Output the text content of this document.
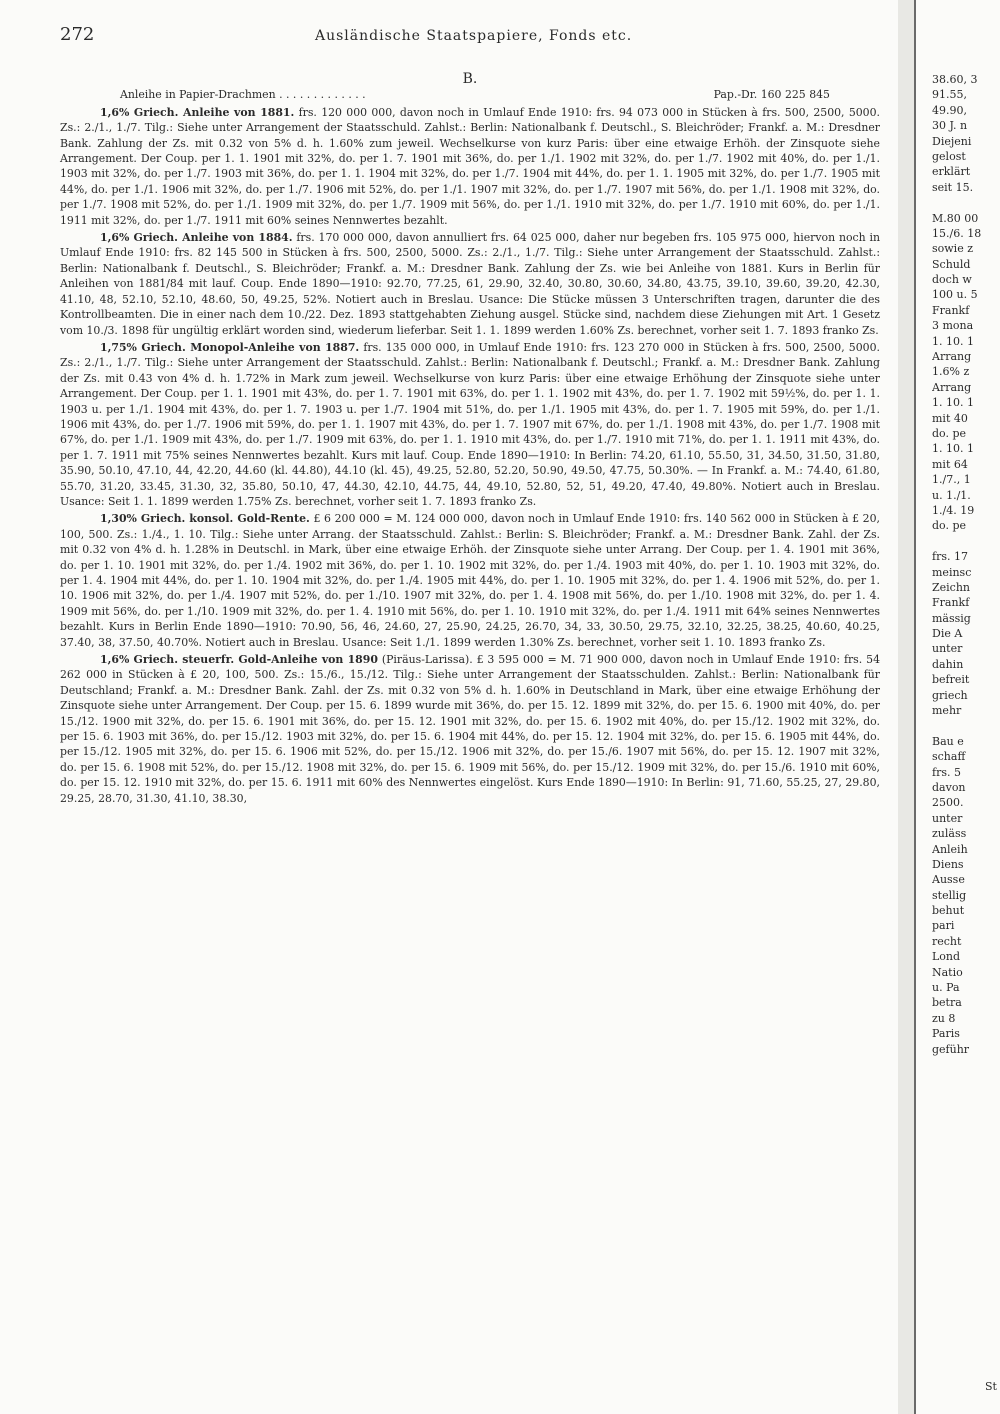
272	Ausländische Staatspapiere, Fonds etc.
B.
Anleihe in Papier-Drachmen . . . . . . . . . . . . .	Pap.-Dr. 160 225 845

1,6% Griech. Anleihe von 1881. frs. 120 000 000, davon noch in Umlauf Ende 1910: frs. 94 073 000 in Stücken à frs. 500, 2500, 5000. Zs.: 2./1., 1./7. Tilg.: Siehe unter Arrangement der Staatsschuld. Zahlst.: Berlin: Nationalbank f. Deutschl., S. Bleichröder; Frankf. a. M.: Dresdner Bank. Zahlung der Zs. mit 0.32 von 5% d. h. 1.60% zum jeweil. Wechselkurse von kurz Paris: über eine etwaige Erhöh. der Zinsquote siehe Arrangement. Der Coup. per 1. 1. 1901 mit 32%, do. per 1. 7. 1901 mit 36%, do. per 1./1. 1902 mit 32%, do. per 1./7. 1902 mit 40%, do. per 1./1. 1903 mit 32%, do. per 1./7. 1903 mit 36%, do. per 1. 1. 1904 mit 32%, do. per 1./7. 1904 mit 44%, do. per 1. 1. 1905 mit 32%, do. per 1./7. 1905 mit 44%, do. per 1./1. 1906 mit 32%, do. per 1./7. 1906 mit 52%, do. per 1./1. 1907 mit 32%, do. per 1./7. 1907 mit 56%, do. per 1./1. 1908 mit 32%, do. per 1./7. 1908 mit 52%, do. per 1./1. 1909 mit 32%, do. per 1./7. 1909 mit 56%, do. per 1./1. 1910 mit 32%, do. per 1./7. 1910 mit 60%, do. per 1./1. 1911 mit 32%, do. per 1./7. 1911 mit 60% seines Nennwertes bezahlt.

1,6% Griech. Anleihe von 1884. frs. 170 000 000, davon annulliert frs. 64 025 000, daher nur begeben frs. 105 975 000, hiervon noch in Umlauf Ende 1910: frs. 82 145 500 in Stücken à frs. 500, 2500, 5000. Zs.: 2./1., 1./7. Tilg.: Siehe unter Arrangement der Staatsschuld. Zahlst.: Berlin: Nationalbank f. Deutschl., S. Bleichröder; Frankf. a. M.: Dresdner Bank. Zahlung der Zs. wie bei Anleihe von 1881. Kurs in Berlin für Anleihen von 1881/84 mit lauf. Coup. Ende 1890—1910: 92.70, 77.25, 61, 29.90, 32.40, 30.80, 30.60, 34.80, 43.75, 39.10, 39.60, 39.20, 42.30, 41.10, 48, 52.10, 52.10, 48.60, 50, 49.25, 52%. Notiert auch in Breslau. Usance: Die Stücke müssen 3 Unterschriften tragen, darunter die des Kontrollbeamten. Die in einer nach dem 10./22. Dez. 1893 stattgehabten Ziehung ausgel. Stücke sind, nachdem diese Ziehungen mit Art. 1 Gesetz vom 10./3. 1898 für ungültig erklärt worden sind, wiederum lieferbar. Seit 1. 1. 1899 werden 1.60% Zs. berechnet, vorher seit 1. 7. 1893 franko Zs.

1,75% Griech. Monopol-Anleihe von 1887. frs. 135 000 000, in Umlauf Ende 1910: frs. 123 270 000 in Stücken à frs. 500, 2500, 5000. Zs.: 2./1., 1./7. Tilg.: Siehe unter Arrangement der Staatsschuld. Zahlst.: Berlin: Nationalbank f. Deutschl.; Frankf. a. M.: Dresdner Bank. Zahlung der Zs. mit 0.43 von 4% d. h. 1.72% in Mark zum jeweil. Wechselkurse von kurz Paris: über eine etwaige Erhöhung der Zinsquote siehe unter Arrangement. Der Coup. per 1. 1. 1901 mit 43%, do. per 1. 7. 1901 mit 63%, do. per 1. 1. 1902 mit 43%, do. per 1. 7. 1902 mit 59½%, do. per 1. 1. 1903 u. per 1./1. 1904 mit 43%, do. per 1. 7. 1903 u. per 1./7. 1904 mit 51%, do. per 1./1. 1905 mit 43%, do. per 1. 7. 1905 mit 59%, do. per 1./1. 1906 mit 43%, do. per 1./7. 1906 mit 59%, do. per 1. 1. 1907 mit 43%, do. per 1. 7. 1907 mit 67%, do. per 1./1. 1908 mit 43%, do. per 1./7. 1908 mit 67%, do. per 1./1. 1909 mit 43%, do. per 1./7. 1909 mit 63%, do. per 1. 1. 1910 mit 43%, do. per 1./7. 1910 mit 71%, do. per 1. 1. 1911 mit 43%, do. per 1. 7. 1911 mit 75% seines Nennwertes bezahlt. Kurs mit lauf. Coup. Ende 1890—1910: In Berlin: 74.20, 61.10, 55.50, 31, 34.50, 31.50, 31.80, 35.90, 50.10, 47.10, 44, 42.20, 44.60 (kl. 44.80), 44.10 (kl. 45), 49.25, 52.80, 52.20, 50.90, 49.50, 47.75, 50.30%. — In Frankf. a. M.: 74.40, 61.80, 55.70, 31.20, 33.45, 31.30, 32, 35.80, 50.10, 47, 44.30, 42.10, 44.75, 44, 49.10, 52.80, 52, 51, 49.20, 47.40, 49.80%. Notiert auch in Breslau. Usance: Seit 1. 1. 1899 werden 1.75% Zs. berechnet, vorher seit 1. 7. 1893 franko Zs.

1,30% Griech. konsol. Gold-Rente. £ 6 200 000 = M. 124 000 000, davon noch in Umlauf Ende 1910: frs. 140 562 000 in Stücken à £ 20, 100, 500. Zs.: 1./4., 1. 10. Tilg.: Siehe unter Arrang. der Staatsschuld. Zahlst.: Berlin: S. Bleichröder; Frankf. a. M.: Dresdner Bank. Zahl. der Zs. mit 0.32 von 4% d. h. 1.28% in Deutschl. in Mark, über eine etwaige Erhöh. der Zinsquote siehe unter Arrang. Der Coup. per 1. 4. 1901 mit 36%, do. per 1. 10. 1901 mit 32%, do. per 1./4. 1902 mit 36%, do. per 1. 10. 1902 mit 32%, do. per 1./4. 1903 mit 40%, do. per 1. 10. 1903 mit 32%, do. per 1. 4. 1904 mit 44%, do. per 1. 10. 1904 mit 32%, do. per 1./4. 1905 mit 44%, do. per 1. 10. 1905 mit 32%, do. per 1. 4. 1906 mit 52%, do. per 1. 10. 1906 mit 32%, do. per 1./4. 1907 mit 52%, do. per 1./10. 1907 mit 32%, do. per 1. 4. 1908 mit 56%, do. per 1./10. 1908 mit 32%, do. per 1. 4. 1909 mit 56%, do. per 1./10. 1909 mit 32%, do. per 1. 4. 1910 mit 56%, do. per 1. 10. 1910 mit 32%, do. per 1./4. 1911 mit 64% seines Nennwertes bezahlt. Kurs in Berlin Ende 1890—1910: 70.90, 56, 46, 24.60, 27, 25.90, 24.25, 26.70, 34, 33, 30.50, 29.75, 32.10, 32.25, 38.25, 40.60, 40.25, 37.40, 38, 37.50, 40.70%. Notiert auch in Breslau. Usance: Seit 1./1. 1899 werden 1.30% Zs. berechnet, vorher seit 1. 10. 1893 franko Zs.

1,6% Griech. steuerfr. Gold-Anleihe von 1890 (Piräus-Larissa). £ 3 595 000 = M. 71 900 000, davon noch in Umlauf Ende 1910: frs. 54 262 000 in Stücken à £ 20, 100, 500. Zs.: 15./6., 15./12. Tilg.: Siehe unter Arrangement der Staatsschulden. Zahlst.: Berlin: Nationalbank für Deutschland; Frankf. a. M.: Dresdner Bank. Zahl. der Zs. mit 0.32 von 5% d. h. 1.60% in Deutschland in Mark, über eine etwaige Erhöhung der Zinsquote siehe unter Arrangement. Der Coup. per 15. 6. 1899 wurde mit 36%, do. per 15. 12. 1899 mit 32%, do. per 15. 6. 1900 mit 40%, do. per 15./12. 1900 mit 32%, do. per 15. 6. 1901 mit 36%, do. per 15. 12. 1901 mit 32%, do. per 15. 6. 1902 mit 40%, do. per 15./12. 1902 mit 32%, do. per 15. 6. 1903 mit 36%, do. per 15./12. 1903 mit 32%, do. per 15. 6. 1904 mit 44%, do. per 15. 12. 1904 mit 32%, do. per 15. 6. 1905 mit 44%, do. per 15./12. 1905 mit 32%, do. per 15. 6. 1906 mit 52%, do. per 15./12. 1906 mit 32%, do. per 15./6. 1907 mit 56%, do. per 15. 12. 1907 mit 32%, do. per 15. 6. 1908 mit 52%, do. per 15./12. 1908 mit 32%, do. per 15. 6. 1909 mit 56%, do. per 15./12. 1909 mit 32%, do. per 15./6. 1910 mit 60%, do. per 15. 12. 1910 mit 32%, do. per 15. 6. 1911 mit 60% des Nennwertes eingelöst. Kurs Ende 1890—1910: In Berlin: 91, 71.60, 55.25, 27, 29.80, 29.25, 28.70, 31.30, 41.10, 38.30,

38.60, 3
91.55,
49.90,
30 J. n
Diejeni
gelost
erklärt
seit 15.
M.80 00
15./6. 18
sowie z
Schuld
doch w
100 u. 5
Frankf
3 mona
1. 10. 1
Arrang
1.6% z
Arrang
1. 10. 1
mit 40
do. pe
1. 10. 1
mit 64
1./7., 1
u. 1./1.
1./4. 19
do. pe
frs. 17
meinsc
Zeichn
Frankf
mässig
Die A
unter
dahin
befreit
griech
mehr
Bau e
schaff
frs. 5
davon
2500.
unter
zuläss
Anleih
Diens
Ausse
stellig
behut
pari
recht
Lond
Natio
u. Pa
betra
zu 8
Paris
geführ
St
